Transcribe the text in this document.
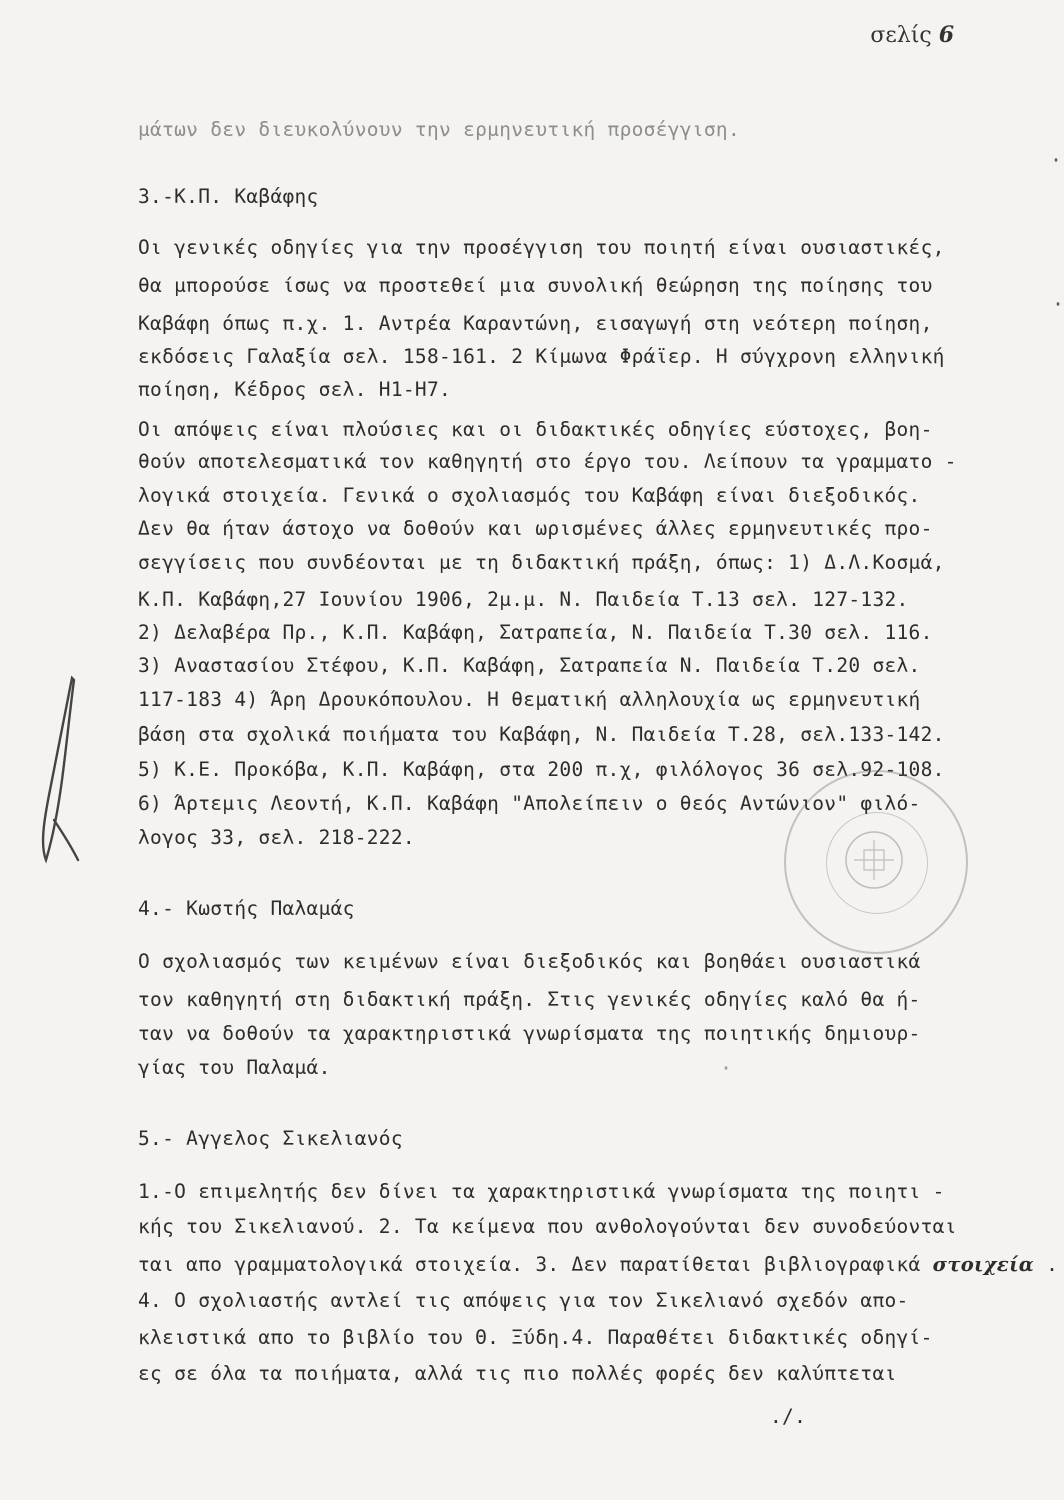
σελίς 6
μάτων δεν διευκολύνουν την ερμηνευτική προσέγγιση.
3.-Κ.Π. Καβάφης
Οι γενικές οδηγίες για την προσέγγιση του ποιητή είναι ουσιαστικές,
θα μπορούσε ίσως να προστεθεί μια συνολική θεώρηση της ποίησης του
Καβάφη όπως π.χ. 1. Αντρέα Καραντώνη, εισαγωγή στη νεότερη ποίηση,
εκδόσεις Γαλαξία σελ. 158-161. 2 Κίμωνα Φράϊερ. Η σύγχρονη ελληνική
ποίηση, Κέδρος σελ. Η1-Η7.
Οι απόψεις είναι πλούσιες και οι διδακτικές οδηγίες εύστοχες, βοη-
θούν αποτελεσματικά τον καθηγητή στο έργο του. Λείπουν τα γραμματο -
λογικά στοιχεία. Γενικά ο σχολιασμός του Καβάφη είναι διεξοδικός.
Δεν θα ήταν άστοχο να δοθούν και ωρισμένες άλλες ερμηνευτικές προ-
σεγγίσεις που συνδέονται με τη διδακτική πράξη, όπως: 1) Δ.Λ.Κοσμά,
Κ.Π. Καβάφη,27 Ιουνίου 1906, 2μ.μ. Ν. Παιδεία Τ.13 σελ. 127-132.
2) Δελαβέρα Πρ., Κ.Π. Καβάφη, Σατραπεία, Ν. Παιδεία Τ.30 σελ. 116.
3) Αναστασίου Στέφου, Κ.Π. Καβάφη, Σατραπεία Ν. Παιδεία Τ.20 σελ.
117-183 4) Άρη Δρουκόπουλου. Η θεματική αλληλουχία ως ερμηνευτική
βάση στα σχολικά ποιήματα του Καβάφη, Ν. Παιδεία Τ.28, σελ.133-142.
5) Κ.Ε. Προκόβα, Κ.Π. Καβάφη, στα 200 π.χ, φιλόλογος 36 σελ.92-108.
6) Άρτεμις Λεοντή, Κ.Π. Καβάφη "Απολείπειν ο θεός Αντώνιον" φιλό-
λογος 33, σελ. 218-222.
4.- Κωστής Παλαμάς
Ο σχολιασμός των κειμένων είναι διεξοδικός και βοηθάει ουσιαστικά
τον καθηγητή στη διδακτική πράξη. Στις γενικές οδηγίες καλό θα ή-
ταν να δοθούν τα χαρακτηριστικά γνωρίσματα της ποιητικής δημιουρ-
γίας του Παλαμά.
5.- Αγγελος Σικελιανός
1.-Ο επιμελητής δεν δίνει τα χαρακτηριστικά γνωρίσματα της ποιητι -
κής του Σικελιανού. 2. Τα κείμενα που ανθολογούνται δεν συνοδεύονται
ται απο γραμματολογικά στοιχεία. 3. Δεν παρατίθεται βιβλιογραφικά στοιχεία .
4. Ο σχολιαστής αντλεί τις απόψεις για τον Σικελιανό σχεδόν απο-
κλειστικά απο το βιβλίο του Θ. Ξύδη.4. Παραθέτει διδακτικές οδηγί-
ες σε όλα τα ποιήματα, αλλά τις πιο πολλές φορές δεν καλύπτεται
./.
·
·
·
